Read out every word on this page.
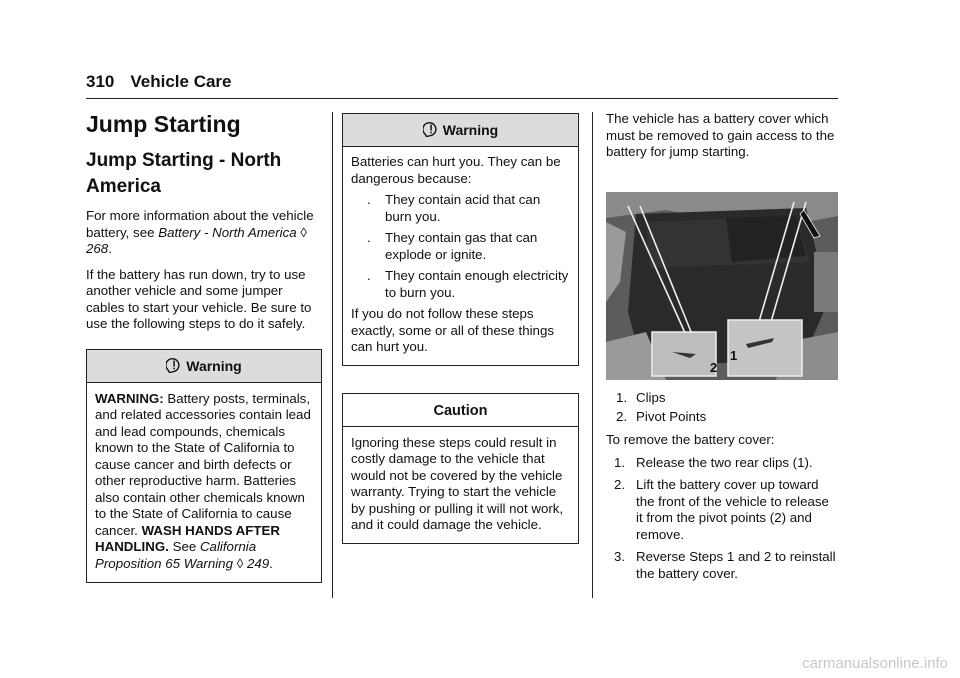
310 Vehicle Care
Jump Starting
Jump Starting - North America
For more information about the vehicle battery, see Battery - North America ◊ 268.
If the battery has run down, try to use another vehicle and some jumper cables to start your vehicle. Be sure to use the following steps to do it safely.
Warning
WARNING: Battery posts, terminals, and related accessories contain lead and lead compounds, chemicals known to the State of California to cause cancer and birth defects or other reproductive harm. Batteries also contain other chemicals known to the State of California to cause cancer. WASH HANDS AFTER HANDLING. See California Proposition 65 Warning ◊ 249.
Warning
Batteries can hurt you. They can be dangerous because:
. They contain acid that can burn you.
. They contain gas that can explode or ignite.
. They contain enough electricity to burn you.
If you do not follow these steps exactly, some or all of these things can hurt you.
Caution
Ignoring these steps could result in costly damage to the vehicle that would not be covered by the vehicle warranty. Trying to start the vehicle by pushing or pulling it will not work, and it could damage the vehicle.
The vehicle has a battery cover which must be removed to gain access to the battery for jump starting.
2
1
1. Clips
2. Pivot Points
To remove the battery cover:
1. Release the two rear clips (1).
2. Lift the battery cover up toward the front of the vehicle to release it from the pivot points (2) and remove.
3. Reverse Steps 1 and 2 to reinstall the battery cover.
carmanualsonline.info
